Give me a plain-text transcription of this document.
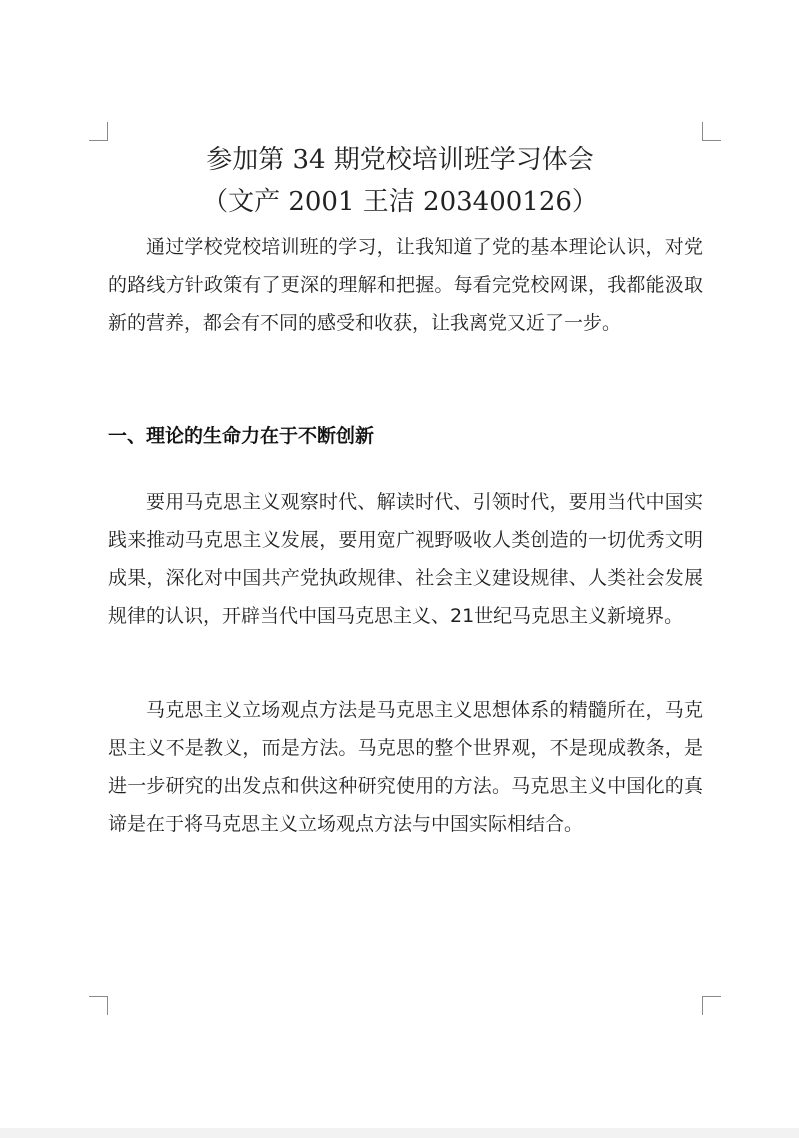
参加第 34 期党校培训班学习体会
（文产 2001 王洁 203400126）

通过学校党校培训班的学习，让我知道了党的基本理论认识，对党的路线方针政策有了更深的理解和把握。每看完党校网课，我都能汲取新的营养，都会有不同的感受和收获，让我离党又近了一步。

一、理论的生命力在于不断创新

要用马克思主义观察时代、解读时代、引领时代，要用当代中国实践来推动马克思主义发展，要用宽广视野吸收人类创造的一切优秀文明成果，深化对中国共产党执政规律、社会主义建设规律、人类社会发展规律的认识，开辟当代中国马克思主义、21世纪马克思主义新境界。

马克思主义立场观点方法是马克思主义思想体系的精髓所在，马克思主义不是教义，而是方法。马克思的整个世界观，不是现成教条，是进一步研究的出发点和供这种研究使用的方法。马克思主义中国化的真谛是在于将马克思主义立场观点方法与中国实际相结合。
